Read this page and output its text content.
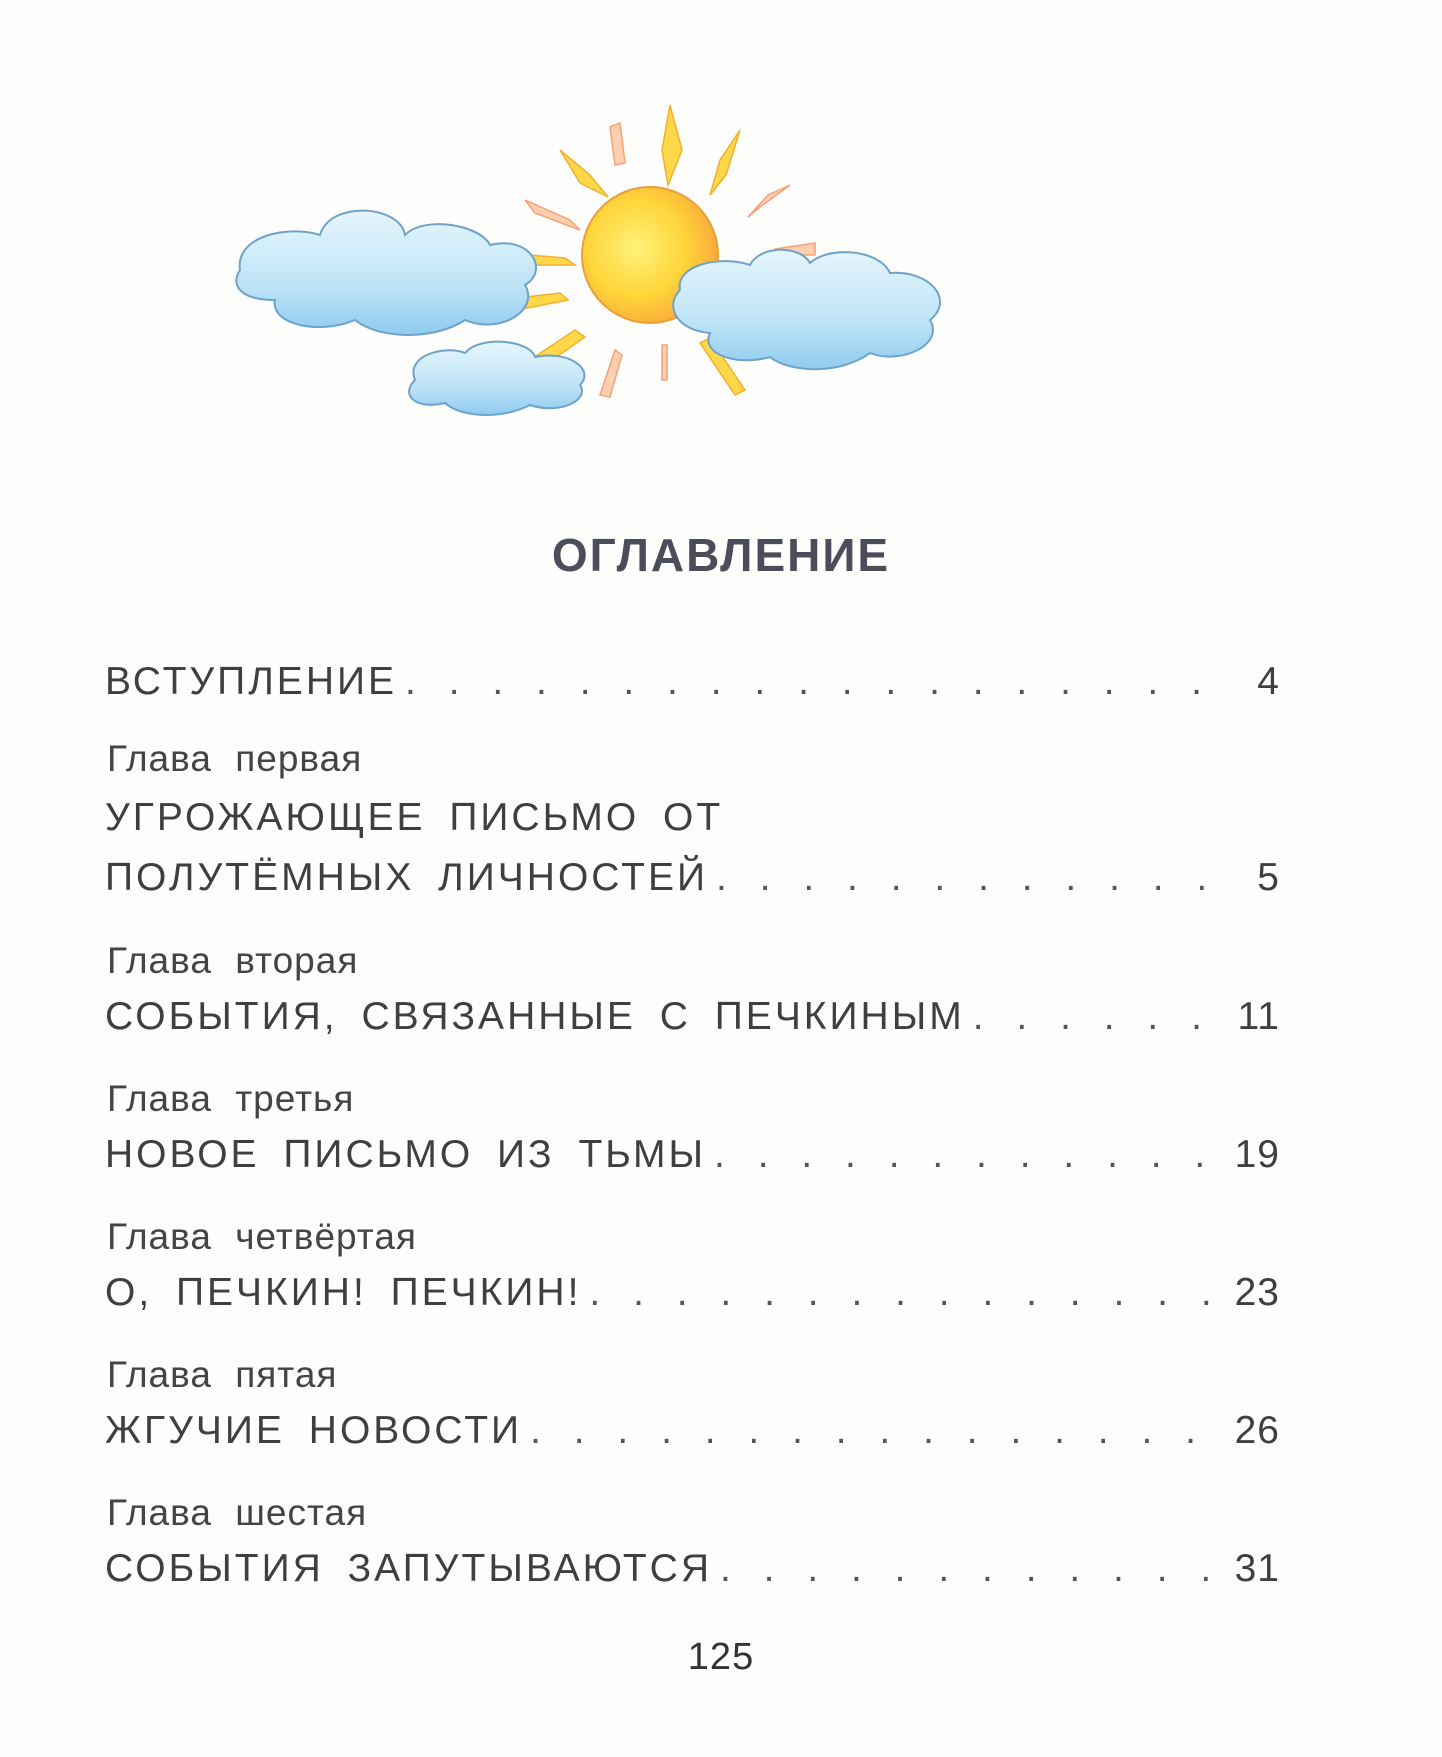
ОГЛАВЛЕНИЕ
ВСТУПЛЕНИЕ . . .	4
Глава первая
УГРОЖАЮЩЕЕ ПИСЬМО ОТ
ПОЛУТЁМНЫХ ЛИЧНОСТЕЙ . . .	5
Глава вторая
СОБЫТИЯ, СВЯЗАННЫЕ С ПЕЧКИНЫМ . . .	11
Глава третья
НОВОЕ ПИСЬМО ИЗ ТЬМЫ . . .	19
Глава четвёртая
О, ПЕЧКИН! ПЕЧКИН! . . .	23
Глава пятая
ЖГУЧИЕ НОВОСТИ . . .	26
Глава шестая
СОБЫТИЯ ЗАПУТЫВАЮТСЯ . . .	31
125
